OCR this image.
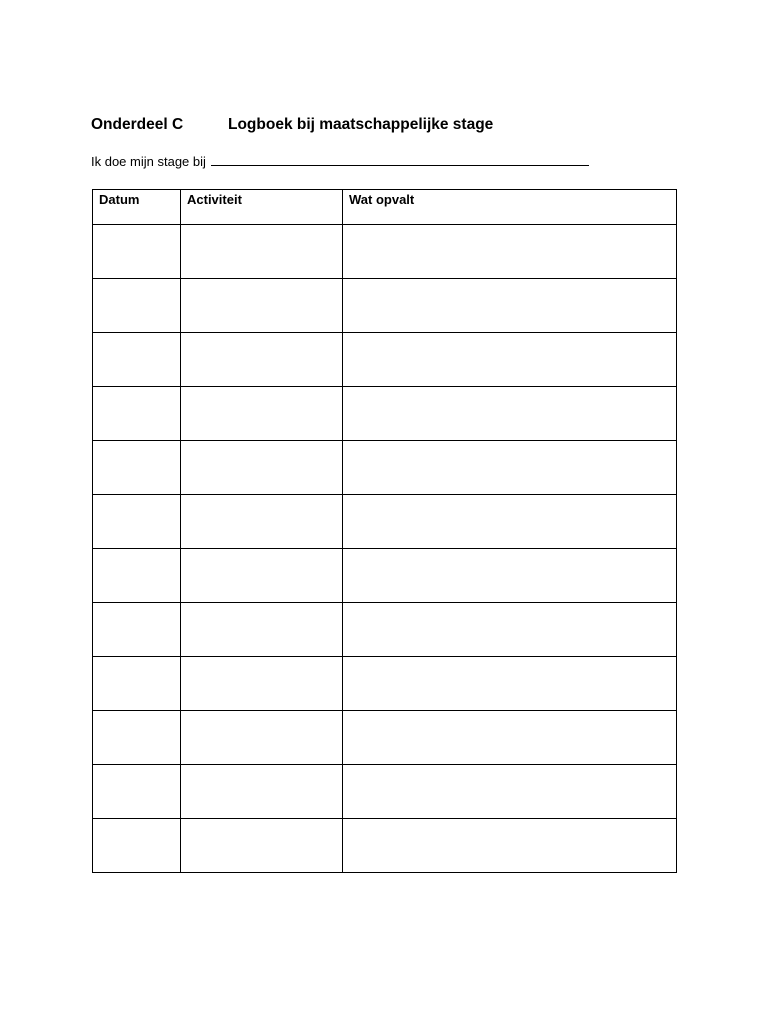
Onderdeel C	Logboek bij maatschappelijke stage
Ik doe mijn stage bij
Datum	Activiteit	Wat opvalt
